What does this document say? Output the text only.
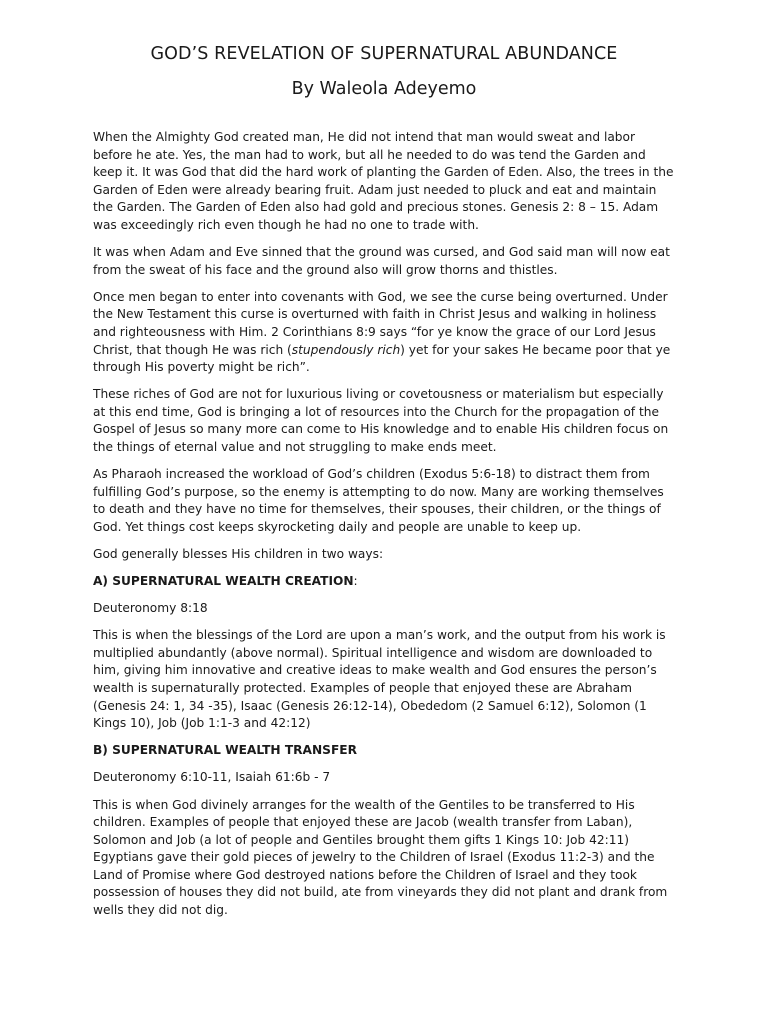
GOD’S REVELATION OF SUPERNATURAL ABUNDANCE
By Waleola Adeyemo

When the Almighty God created man, He did not intend that man would sweat and labor before he ate. Yes, the man had to work, but all he needed to do was tend the Garden and keep it. It was God that did the hard work of planting the Garden of Eden. Also, the trees in the Garden of Eden were already bearing fruit. Adam just needed to pluck and eat and maintain the Garden. The Garden of Eden also had gold and precious stones. Genesis 2: 8 – 15. Adam was exceedingly rich even though he had no one to trade with.

It was when Adam and Eve sinned that the ground was cursed, and God said man will now eat from the sweat of his face and the ground also will grow thorns and thistles.

Once men began to enter into covenants with God, we see the curse being overturned. Under the New Testament this curse is overturned with faith in Christ Jesus and walking in holiness and righteousness with Him. 2 Corinthians 8:9 says “for ye know the grace of our Lord Jesus Christ, that though He was rich (stupendously rich) yet for your sakes He became poor that ye through His poverty might be rich”.

These riches of God are not for luxurious living or covetousness or materialism but especially at this end time, God is bringing a lot of resources into the Church for the propagation of the Gospel of Jesus so many more can come to His knowledge and to enable His children focus on the things of eternal value and not struggling to make ends meet.

As Pharaoh increased the workload of God’s children (Exodus 5:6-18) to distract them from fulfilling God’s purpose, so the enemy is attempting to do now. Many are working themselves to death and they have no time for themselves, their spouses, their children, or the things of God. Yet things cost keeps skyrocketing daily and people are unable to keep up.

God generally blesses His children in two ways:

A) SUPERNATURAL WEALTH CREATION:

Deuteronomy 8:18

This is when the blessings of the Lord are upon a man’s work, and the output from his work is multiplied abundantly (above normal). Spiritual intelligence and wisdom are downloaded to him, giving him innovative and creative ideas to make wealth and God ensures the person’s wealth is supernaturally protected. Examples of people that enjoyed these are Abraham (Genesis 24: 1, 34 -35), Isaac (Genesis 26:12-14), Obededom (2 Samuel 6:12), Solomon (1 Kings 10), Job (Job 1:1-3 and 42:12)

B) SUPERNATURAL WEALTH TRANSFER

Deuteronomy 6:10-11, Isaiah 61:6b - 7

This is when God divinely arranges for the wealth of the Gentiles to be transferred to His children. Examples of people that enjoyed these are Jacob (wealth transfer from Laban), Solomon and Job (a lot of people and Gentiles brought them gifts 1 Kings 10: Job 42:11) Egyptians gave their gold pieces of jewelry to the Children of Israel (Exodus 11:2-3) and the Land of Promise where God destroyed nations before the Children of Israel and they took possession of houses they did not build, ate from vineyards they did not plant and drank from wells they did not dig.
